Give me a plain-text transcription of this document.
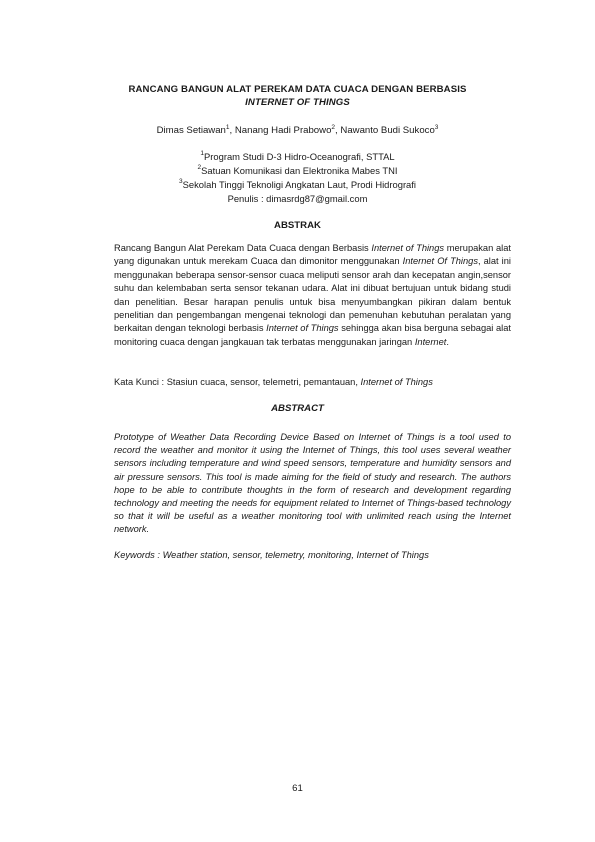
RANCANG BANGUN ALAT PEREKAM DATA CUACA DENGAN BERBASIS
INTERNET OF THINGS
Dimas Setiawan$^1$, Nanang Hadi Prabowo$^2$, Nawanto Budi Sukoco$^3$
$^1$Program Studi D-3 Hidro-Oceanografi, STTAL
$^2$Satuan Komunikasi dan Elektronika Mabes TNI
$^3$Sekolah Tinggi Teknoligi Angkatan Laut, Prodi Hidrografi
Penulis : dimasrdg87@gmail.com
ABSTRAK
Rancang Bangun Alat Perekam Data Cuaca dengan Berbasis Internet of Things merupakan alat yang digunakan untuk merekam Cuaca dan dimonitor menggunakan Internet Of Things, alat ini menggunakan beberapa sensor-sensor cuaca meliputi sensor arah dan kecepatan angin,sensor suhu dan kelembaban serta sensor tekanan udara. Alat ini dibuat bertujuan untuk bidang studi dan penelitian. Besar harapan penulis untuk bisa menyumbangkan pikiran dalam bentuk penelitian dan pengembangan mengenai teknologi dan pemenuhan kebutuhan peralatan yang berkaitan dengan teknologi berbasis Internet of Things sehingga akan bisa berguna sebagai alat monitoring cuaca dengan jangkauan tak terbatas menggunakan jaringan Internet.
Kata Kunci : Stasiun cuaca, sensor, telemetri, pemantauan, Internet of Things
ABSTRACT
Prototype of Weather Data Recording Device Based on Internet of Things is a tool used to record the weather and monitor it using the Internet of Things, this tool uses several weather sensors including temperature and wind speed sensors, temperature and humidity sensors and air pressure sensors. This tool is made aiming for the field of study and research. The authors hope to be able to contribute thoughts in the form of research and development regarding technology and meeting the needs for equipment related to Internet of Things-based technology so that it will be useful as a weather monitoring tool with unlimited reach using the Internet network.
Keywords : Weather station, sensor, telemetry, monitoring, Internet of Things
61
